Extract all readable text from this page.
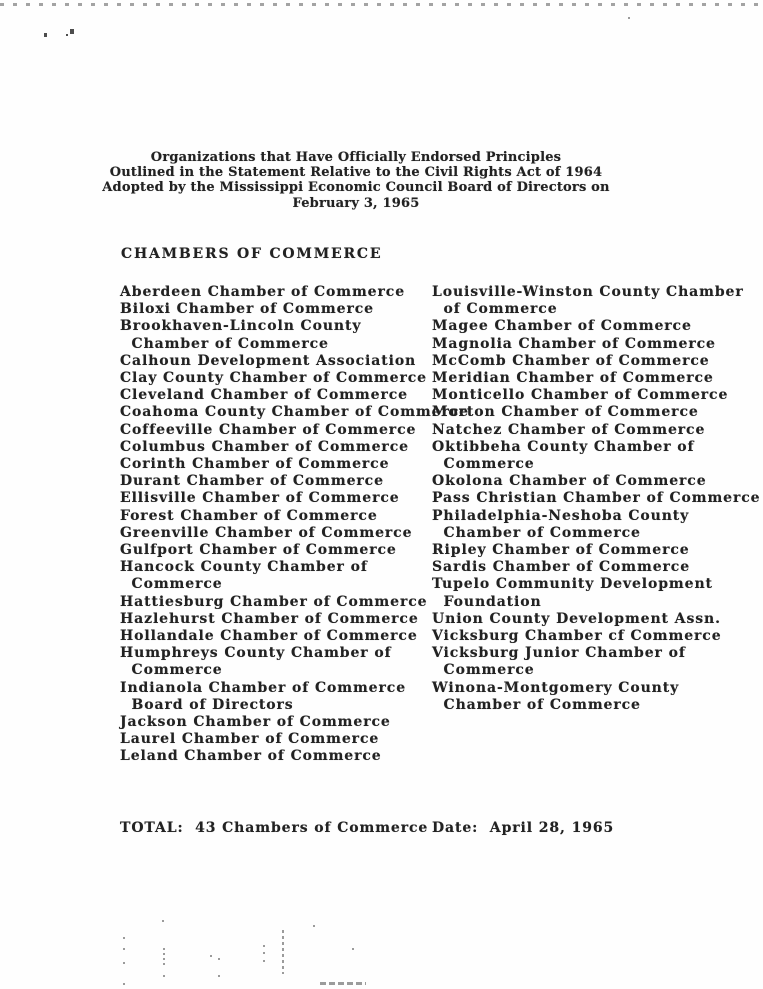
Organizations that Have Officially Endorsed Principles
Outlined in the Statement Relative to the Civil Rights Act of 1964
Adopted by the Mississippi Economic Council Board of Directors on
February 3, 1965
CHAMBERS OF COMMERCE
Aberdeen Chamber of Commerce
Biloxi Chamber of Commerce
Brookhaven-Lincoln County
Chamber of Commerce
Calhoun Development Association
Clay County Chamber of Commerce
Cleveland Chamber of Commerce
Coahoma County Chamber of Commerce
Coffeeville Chamber of Commerce
Columbus Chamber of Commerce
Corinth Chamber of Commerce
Durant Chamber of Commerce
Ellisville Chamber of Commerce
Forest Chamber of Commerce
Greenville Chamber of Commerce
Gulfport Chamber of Commerce
Hancock County Chamber of
Commerce
Hattiesburg Chamber of Commerce
Hazlehurst Chamber of Commerce
Hollandale Chamber of Commerce
Humphreys County Chamber of
Commerce
Indianola Chamber of Commerce
Board of Directors
Jackson Chamber of Commerce
Laurel Chamber of Commerce
Leland Chamber of Commerce
Louisville-Winston County Chamber
of Commerce
Magee Chamber of Commerce
Magnolia Chamber of Commerce
McComb Chamber of Commerce
Meridian Chamber of Commerce
Monticello Chamber of Commerce
Morton Chamber of Commerce
Natchez Chamber of Commerce
Oktibbeha County Chamber of
Commerce
Okolona Chamber of Commerce
Pass Christian Chamber of Commerce
Philadelphia-Neshoba County
Chamber of Commerce
Ripley Chamber of Commerce
Sardis Chamber of Commerce
Tupelo Community Development
Foundation
Union County Development Assn.
Vicksburg Chamber cf Commerce
Vicksburg Junior Chamber of
Commerce
Winona-Montgomery County
Chamber of Commerce
TOTAL:  43 Chambers of Commerce Date:  April 28, 1965
